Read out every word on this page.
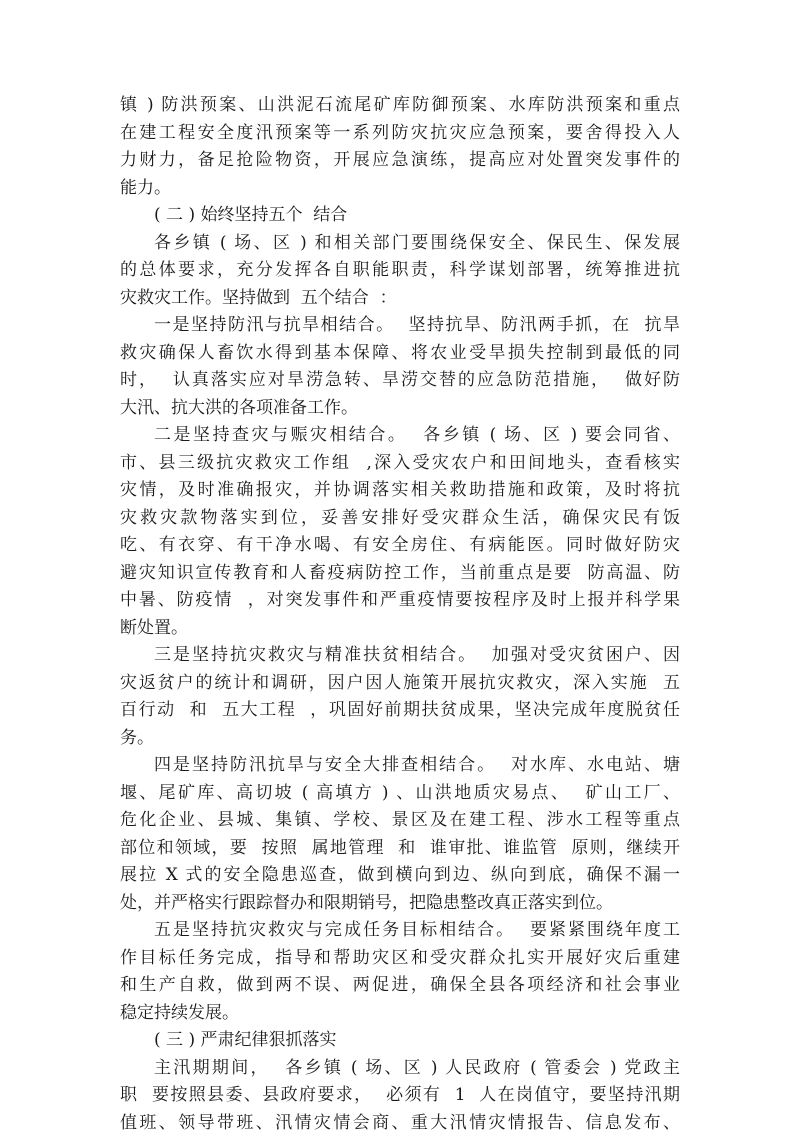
镇 ) 防洪预案、山洪泥石流尾矿库防御预案、水库防洪预案和重点
在建工程安全度汛预案等一系列防灾抗灾应急预案，要舍得投入人
力财力，备足抢险物资，开展应急演练，提高应对处置突发事件的
能力。
( 二 ) 始终坚持五个  结合
各乡镇 ( 场、区 ) 和相关部门要围绕保安全、保民生、保发展
的总体要求，充分发挥各自职能职责，科学谋划部署，统筹推进抗
灾救灾工作。坚持做到  五个结合  ：
一是坚持防汛与抗旱相结合。  坚持抗旱、防汛两手抓，在  抗旱
救灾确保人畜饮水得到基本保障、将农业受旱损失控制到最低的同
时，  认真落实应对旱涝急转、旱涝交替的应急防范措施，  做好防
大汛、抗大洪的各项准备工作。
二是坚持查灾与赈灾相结合。  各乡镇 ( 场、区 ) 要会同省、
市、县三级抗灾救灾工作组  ,深入受灾农户和田间地头，查看核实
灾情，及时准确报灾，并协调落实相关救助措施和政策，及时将抗
灾救灾款物落实到位，妥善安排好受灾群众生活，确保灾民有饭
吃、有衣穿、有干净水喝、有安全房住、有病能医。同时做好防灾
避灾知识宣传教育和人畜疫病防控工作，当前重点是要  防高温、防
中暑、防疫情  ，对突发事件和严重疫情要按程序及时上报并科学果
断处置。
三是坚持抗灾救灾与精准扶贫相结合。  加强对受灾贫困户、因
灾返贫户的统计和调研，因户因人施策开展抗灾救灾，深入实施  五
百行动  和  五大工程  ，巩固好前期扶贫成果，坚决完成年度脱贫任
务。
四是坚持防汛抗旱与安全大排查相结合。  对水库、水电站、塘
堰、尾矿库、高切坡 ( 高填方 ) 、山洪地质灾易点、  矿山工厂、
危化企业、县城、集镇、学校、景区及在建工程、涉水工程等重点
部位和领域，要  按照  属地管理  和  谁审批、谁监管  原则，继续开
展拉 X 式的安全隐患巡查，做到横向到边、纵向到底，确保不漏一
处，并严格实行跟踪督办和限期销号，把隐患整改真正落实到位。
五是坚持抗灾救灾与完成任务目标相结合。  要紧紧围绕年度工
作目标任务完成，指导和帮助灾区和受灾群众扎实开展好灾后重建
和生产自救，做到两不误、两促进，确保全县各项经济和社会事业
稳定持续发展。
( 三 ) 严肃纪律狠抓落实
主汛期期间，  各乡镇 ( 场、区 ) 人民政府 ( 管委会 ) 党政主
职  要按照县委、县政府要求，  必须有  1  人在岗值守，要坚持汛期
值班、领导带班、汛情灾情会商、重大汛情灾情报告、信息发布、
